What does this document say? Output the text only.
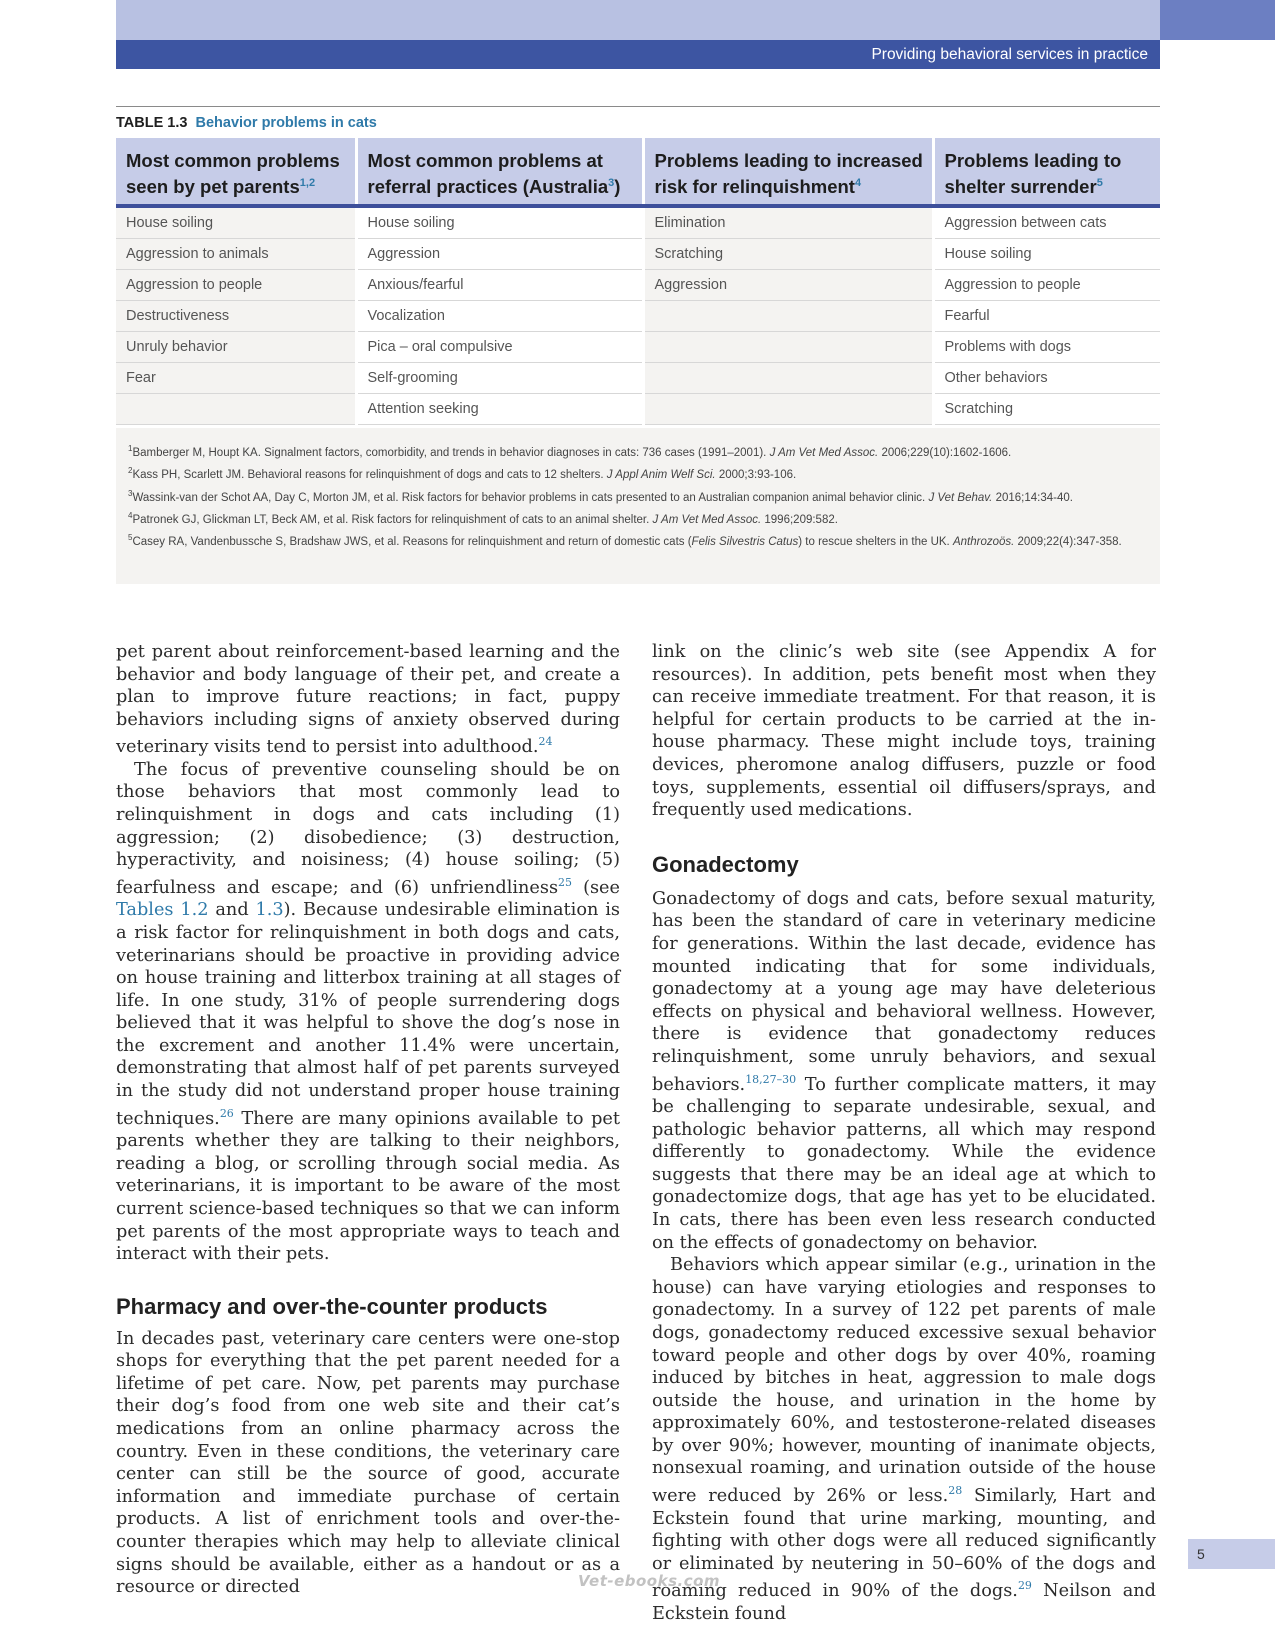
Providing behavioral services in practice
TABLE 1.3 Behavior problems in cats
Most common problems seen by pet parents$^{1,2}$	Most common problems at referral practices (Australia$^3$)	Problems leading to increased risk for relinquishment$^4$	Problems leading to shelter surrender$^5$
House soiling	House soiling	Elimination	Aggression between cats
Aggression to animals	Aggression	Scratching	House soiling
Aggression to people	Anxious/fearful	Aggression	Aggression to people
Destructiveness	Vocalization		Fearful
Unruly behavior	Pica – oral compulsive		Problems with dogs
Fear	Self-grooming		Other behaviors
	Attention seeking		Scratching

$^1$Bamberger M, Houpt KA. Signalment factors, comorbidity, and trends in behavior diagnoses in cats: 736 cases (1991–2001). J Am Vet Med Assoc. 2006;229(10):1602-1606.

$^2$Kass PH, Scarlett JM. Behavioral reasons for relinquishment of dogs and cats to 12 shelters. J Appl Anim Welf Sci. 2000;3:93-106.

$^3$Wassink-van der Schot AA, Day C, Morton JM, et al. Risk factors for behavior problems in cats presented to an Australian companion animal behavior clinic. J Vet Behav. 2016;14:34-40.

$^4$Patronek GJ, Glickman LT, Beck AM, et al. Risk factors for relinquishment of cats to an animal shelter. J Am Vet Med Assoc. 1996;209:582.

$^5$Casey RA, Vandenbussche S, Bradshaw JWS, et al. Reasons for relinquishment and return of domestic cats (Felis Silvestris Catus) to rescue shelters in the UK. Anthrozoös. 2009;22(4):347-358.

pet parent about reinforcement-based learning and the behavior and body language of their pet, and create a plan to improve future reactions; in fact, puppy behaviors including signs of anxiety observed during veterinary visits tend to persist into adulthood.$^{24}$

The focus of preventive counseling should be on those behaviors that most commonly lead to relinquishment in dogs and cats including (1) aggression; (2) disobedience; (3) destruction, hyperactivity, and noisiness; (4) house soiling; (5) fearfulness and escape; and (6) unfriendliness$^{25}$ (see Tables 1.2 and 1.3). Because undesirable elimination is a risk factor for relinquishment in both dogs and cats, veterinarians should be proactive in providing advice on house training and litterbox training at all stages of life. In one study, 31% of people surrendering dogs believed that it was helpful to shove the dog’s nose in the excrement and another 11.4% were uncertain, demonstrating that almost half of pet parents surveyed in the study did not understand proper house training techniques.$^{26}$ There are many opinions available to pet parents whether they are talking to their neighbors, reading a blog, or scrolling through social media. As veterinarians, it is important to be aware of the most current science-based techniques so that we can inform pet parents of the most appropriate ways to teach and interact with their pets.

Pharmacy and over-the-counter products

In decades past, veterinary care centers were one-stop shops for everything that the pet parent needed for a lifetime of pet care. Now, pet parents may purchase their dog’s food from one web site and their cat’s medications from an online pharmacy across the country. Even in these conditions, the veterinary care center can still be the source of good, accurate information and immediate purchase of certain products. A list of enrichment tools and over-the-counter therapies which may help to alleviate clinical signs should be available, either as a handout or as a resource or directed

link on the clinic’s web site (see Appendix A for resources). In addition, pets benefit most when they can receive immediate treatment. For that reason, it is helpful for certain products to be carried at the in-house pharmacy. These might include toys, training devices, pheromone analog diffusers, puzzle or food toys, supplements, essential oil diffusers/sprays, and frequently used medications.

Gonadectomy

Gonadectomy of dogs and cats, before sexual maturity, has been the standard of care in veterinary medicine for generations. Within the last decade, evidence has mounted indicating that for some individuals, gonadectomy at a young age may have deleterious effects on physical and behavioral wellness. However, there is evidence that gonadectomy reduces relinquishment, some unruly behaviors, and sexual behaviors.$^{18,27-30}$ To further complicate matters, it may be challenging to separate undesirable, sexual, and pathologic behavior patterns, all which may respond differently to gonadectomy. While the evidence suggests that there may be an ideal age at which to gonadectomize dogs, that age has yet to be elucidated. In cats, there has been even less research conducted on the effects of gonadectomy on behavior.

Behaviors which appear similar (e.g., urination in the house) can have varying etiologies and responses to gonadectomy. In a survey of 122 pet parents of male dogs, gonadectomy reduced excessive sexual behavior toward people and other dogs by over 40%, roaming induced by bitches in heat, aggression to male dogs outside the house, and urination in the home by approximately 60%, and testosterone-related diseases by over 90%; however, mounting of inanimate objects, nonsexual roaming, and urination outside of the house were reduced by 26% or less.$^{28}$ Similarly, Hart and Eckstein found that urine marking, mounting, and fighting with other dogs were all reduced significantly or eliminated by neutering in 50–60% of the dogs and roaming reduced in 90% of the dogs.$^{29}$ Neilson and Eckstein found

5
Vet-ebooks.com
